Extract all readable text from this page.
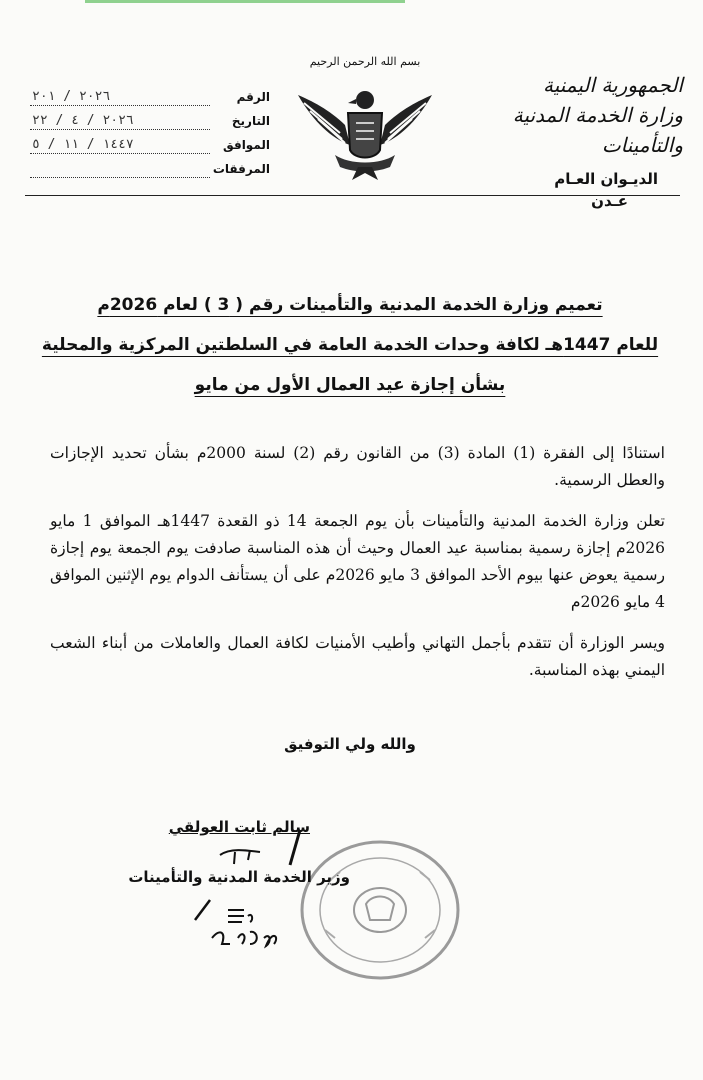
الجمهورية اليمنية
وزارة الخدمة المدنية والتأمينات
الديـوان العـام
عـدن
بسم الله الرحمن الرحيم
الرقم
٢٠٢٦ / ٢٠١
التاريخ
٢٠٢٦ / ٤ / ٢٢
الموافق
١٤٤٧ / ١١ / ٥
المرفقات
تعميم وزارة الخدمة المدنية والتأمينات رقم ( 3 ) لعام 2026م
للعام 1447هـ لكافة وحدات الخدمة العامة في السلطتين المركزية والمحلية
بشأن إجازة عيد العمال الأول من مايو

استنادًا إلى الفقرة (1) المادة (3) من القانون رقم (2) لسنة 2000م بشأن تحديد الإجازات والعطل الرسمية.

تعلن وزارة الخدمة المدنية والتأمينات بأن يوم الجمعة 14 ذو القعدة 1447هـ الموافق 1 مايو 2026م إجازة رسمية بمناسبة عيد العمال وحيث أن هذه المناسبة صادفت يوم الجمعة يوم إجازة رسمية يعوض عنها بيوم الأحد الموافق 3 مايو 2026م على أن يستأنف الدوام يوم الإثنين الموافق 4 مايو 2026م

ويسر الوزارة أن تتقدم بأجمل التهاني وأطيب الأمنيات لكافة العمال والعاملات من أبناء الشعب اليمني بهذه المناسبة.

والله ولي التوفيق
سالم ثابت العولقي
وزير الخدمة المدنية والتأمينات
